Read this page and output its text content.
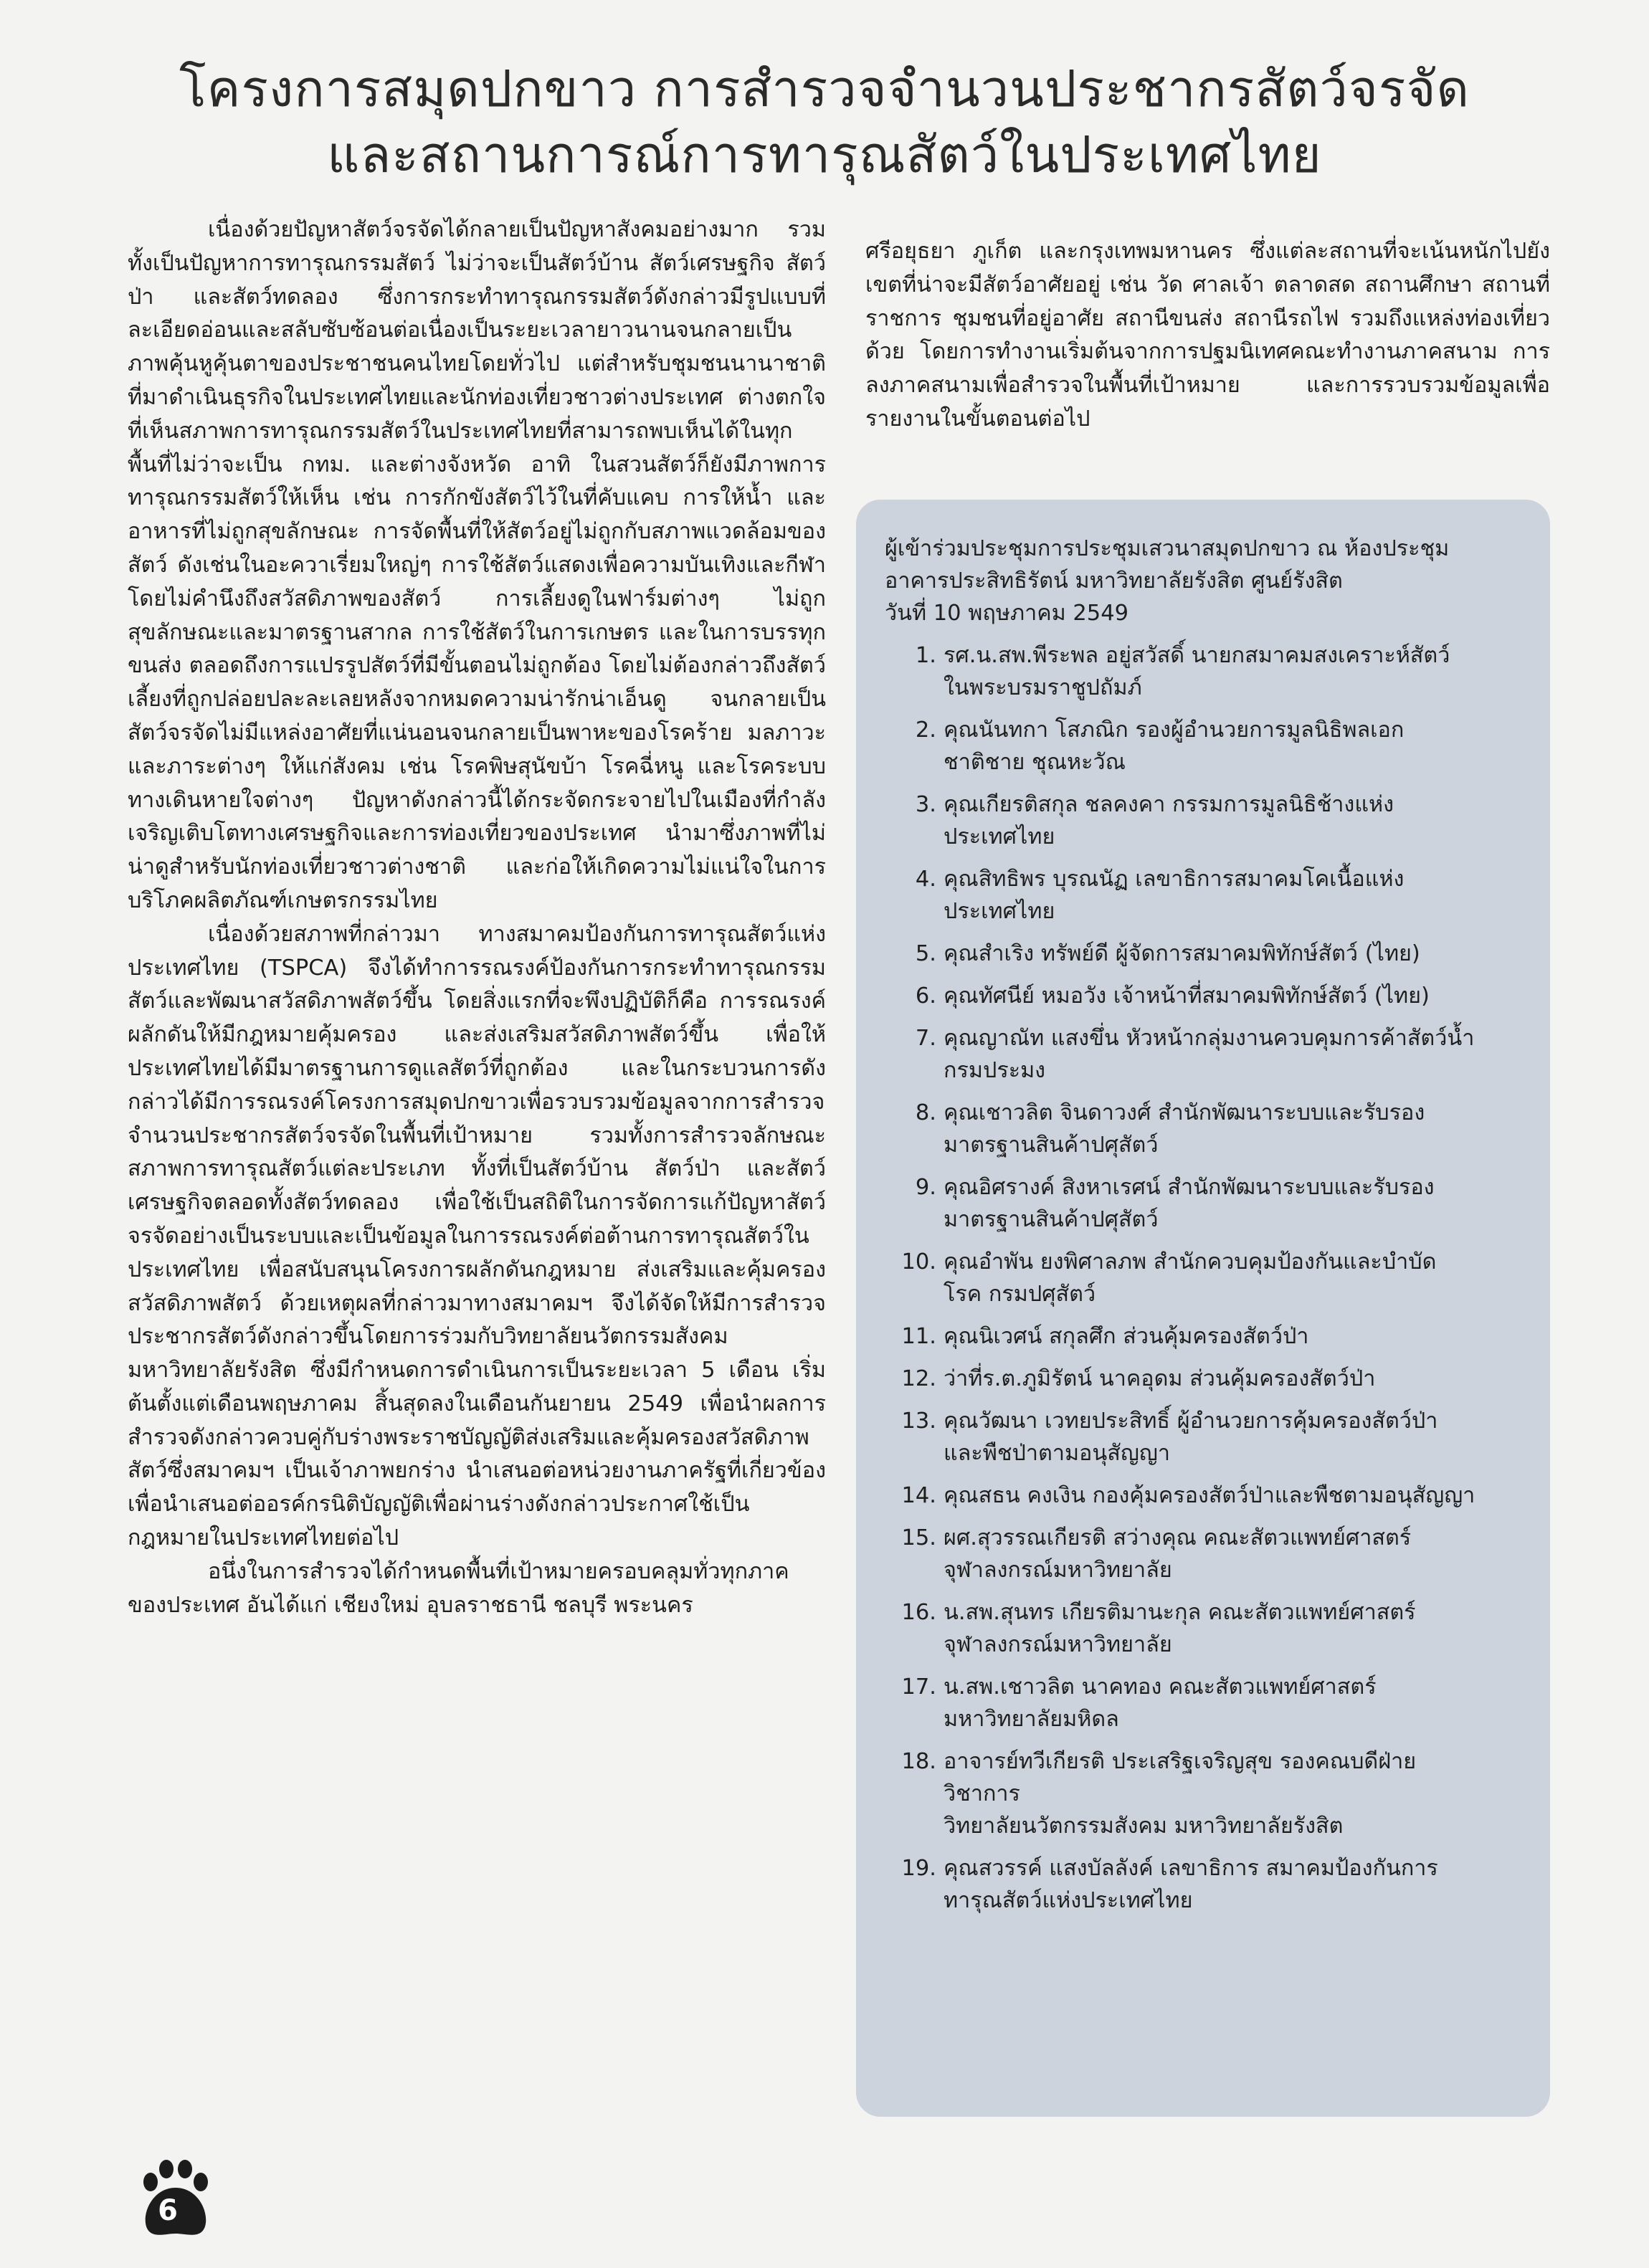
โครงการสมุดปกขาว การสำรวจจำนวนประชากรสัตว์จรจัด
และสถานการณ์การทารุณสัตว์ในประเทศไทย

เนื่องด้วยปัญหาสัตว์จรจัดได้กลายเป็นปัญหาสังคมอย่างมาก รวมทั้งเป็นปัญหาการทารุณกรรมสัตว์ ไม่ว่าจะเป็นสัตว์บ้าน สัตว์เศรษฐกิจ สัตว์ป่า และสัตว์ทดลอง ซึ่งการกระทำทารุณกรรมสัตว์ดังกล่าวมีรูปแบบที่ละเอียดอ่อนและสลับซับซ้อนต่อเนื่องเป็นระยะเวลายาวนานจนกลายเป็นภาพคุ้นหูคุ้นตาของประชาชนคนไทยโดยทั่วไป แต่สำหรับชุมชนนานาชาติที่มาดำเนินธุรกิจในประเทศไทยและนักท่องเที่ยวชาวต่างประเทศ ต่างตกใจที่เห็นสภาพการทารุณกรรมสัตว์ในประเทศไทยที่สามารถพบเห็นได้ในทุกพื้นที่ไม่ว่าจะเป็น กทม. และต่างจังหวัด อาทิ ในสวนสัตว์ก็ยังมีภาพการทารุณกรรมสัตว์ให้เห็น เช่น การกักขังสัตว์ไว้ในที่คับแคบ การให้น้ำ และอาหารที่ไม่ถูกสุขลักษณะ การจัดพื้นที่ให้สัตว์อยู่ไม่ถูกกับสภาพแวดล้อมของสัตว์ ดังเช่นในอะควาเรี่ยมใหญ่ๆ การใช้สัตว์แสดงเพื่อความบันเทิงและกีฬา โดยไม่คำนึงถึงสวัสดิภาพของสัตว์ การเลี้ยงดูในฟาร์มต่างๆ ไม่ถูกสุขลักษณะและมาตรฐานสากล การใช้สัตว์ในการเกษตร และในการบรรทุกขนส่ง ตลอดถึงการแปรรูปสัตว์ที่มีขั้นตอนไม่ถูกต้อง โดยไม่ต้องกล่าวถึงสัตว์เลี้ยงที่ถูกปล่อยปละละเลยหลังจากหมดความน่ารักน่าเอ็นดู จนกลายเป็นสัตว์จรจัดไม่มีแหล่งอาศัยที่แน่นอนจนกลายเป็นพาหะของโรคร้าย มลภาวะและภาระต่างๆ ให้แก่สังคม เช่น โรคพิษสุนัขบ้า โรคฉี่หนู และโรคระบบทางเดินหายใจต่างๆ ปัญหาดังกล่าวนี้ได้กระจัดกระจายไปในเมืองที่กำลังเจริญเติบโตทางเศรษฐกิจและการท่องเที่ยวของประเทศ นำมาซึ่งภาพที่ไม่น่าดูสำหรับนักท่องเที่ยวชาวต่างชาติ และก่อให้เกิดความไม่แน่ใจในการบริโภคผลิตภัณฑ์เกษตรกรรมไทย

เนื่องด้วยสภาพที่กล่าวมา ทางสมาคมป้องกันการทารุณสัตว์แห่งประเทศไทย (TSPCA) จึงได้ทำการรณรงค์ป้องกันการกระทำทารุณกรรมสัตว์และพัฒนาสวัสดิภาพสัตว์ขึ้น โดยสิ่งแรกที่จะพึงปฏิบัติก็คือ การรณรงค์ผลักดันให้มีกฎหมายคุ้มครอง และส่งเสริมสวัสดิภาพสัตว์ขึ้น เพื่อให้ประเทศไทยได้มีมาตรฐานการดูแลสัตว์ที่ถูกต้อง และในกระบวนการดังกล่าวได้มีการรณรงค์โครงการสมุดปกขาวเพื่อรวบรวมข้อมูลจากการสำรวจจำนวนประชากรสัตว์จรจัดในพื้นที่เป้าหมาย รวมทั้งการสำรวจลักษณะสภาพการทารุณสัตว์แต่ละประเภท ทั้งที่เป็นสัตว์บ้าน สัตว์ป่า และสัตว์เศรษฐกิจตลอดทั้งสัตว์ทดลอง เพื่อใช้เป็นสถิติในการจัดการแก้ปัญหาสัตว์จรจัดอย่างเป็นระบบและเป็นข้อมูลในการรณรงค์ต่อต้านการทารุณสัตว์ในประเทศไทย เพื่อสนับสนุนโครงการผลักดันกฎหมาย ส่งเสริมและคุ้มครองสวัสดิภาพสัตว์ ด้วยเหตุผลที่กล่าวมาทางสมาคมฯ จึงได้จัดให้มีการสำรวจประชากรสัตว์ดังกล่าวขึ้นโดยการร่วมกับวิทยาลัยนวัตกรรมสังคม มหาวิทยาลัยรังสิต ซึ่งมีกำหนดการดำเนินการเป็นระยะเวลา 5 เดือน เริ่มต้นตั้งแต่เดือนพฤษภาคม สิ้นสุดลงในเดือนกันยายน 2549 เพื่อนำผลการสำรวจดังกล่าวควบคู่กับร่างพระราชบัญญัติส่งเสริมและคุ้มครองสวัสดิภาพสัตว์ซึ่งสมาคมฯ เป็นเจ้าภาพยกร่าง นำเสนอต่อหน่วยงานภาครัฐที่เกี่ยวข้อง เพื่อนำเสนอต่ออรค์กรนิติบัญญัติเพื่อผ่านร่างดังกล่าวประกาศใช้เป็นกฎหมายในประเทศไทยต่อไป

อนึ่งในการสำรวจได้กำหนดพื้นที่เป้าหมายครอบคลุมทั่วทุกภาคของประเทศ อันได้แก่ เชียงใหม่ อุบลราชธานี ชลบุรี พระนคร

ศรีอยุธยา ภูเก็ต และกรุงเทพมหานคร ซึ่งแต่ละสถานที่จะเน้นหนักไปยังเขตที่น่าจะมีสัตว์อาศัยอยู่ เช่น วัด ศาลเจ้า ตลาดสด สถานศึกษา สถานที่ราชการ ชุมชนที่อยู่อาศัย สถานีขนส่ง สถานีรถไฟ รวมถึงแหล่งท่องเที่ยวด้วย โดยการทำงานเริ่มต้นจากการปฐมนิเทศคณะทำงานภาคสนาม การลงภาคสนามเพื่อสำรวจในพื้นที่เป้าหมาย และการรวบรวมข้อมูลเพื่อรายงานในขั้นตอนต่อไป

ผู้เข้าร่วมประชุมการประชุมเสวนาสมุดปกขาว ณ ห้องประชุม
อาคารประสิทธิรัตน์ มหาวิทยาลัยรังสิต ศูนย์รังสิต
วันที่ 10 พฤษภาคม 2549
1. รศ.น.สพ.พีระพล อยู่สวัสดิ์ นายกสมาคมสงเคราะห์สัตว์
ในพระบรมราชูปถัมภ์
2. คุณนันทกา โสภณิก รองผู้อำนวยการมูลนิธิพลเอก
ชาติชาย ชุณหะวัณ
3. คุณเกียรติสกุล ชลคงคา กรรมการมูลนิธิช้างแห่ง
ประเทศไทย
4. คุณสิทธิพร บุรณนัฏ เลขาธิการสมาคมโคเนื้อแห่ง
ประเทศไทย
5. คุณสำเริง ทรัพย์ดี ผู้จัดการสมาคมพิทักษ์สัตว์ (ไทย)
6. คุณทัศนีย์ หมอวัง เจ้าหน้าที่สมาคมพิทักษ์สัตว์ (ไทย)
7. คุณญาณัท แสงขึ่น หัวหน้ากลุ่มงานควบคุมการค้าสัตว์น้ำ
กรมประมง
8. คุณเชาวลิต จินดาวงศ์ สำนักพัฒนาระบบและรับรอง
มาตรฐานสินค้าปศุสัตว์
9. คุณอิศรางค์ สิงหาเรศน์ สำนักพัฒนาระบบและรับรอง
มาตรฐานสินค้าปศุสัตว์
10. คุณอำพัน ยงพิศาลภพ สำนักควบคุมป้องกันและบำบัด
โรค กรมปศุสัตว์
11. คุณนิเวศน์ สกุลศึก ส่วนคุ้มครองสัตว์ป่า
12. ว่าที่ร.ต.ภูมิรัตน์ นาคอุดม ส่วนคุ้มครองสัตว์ป่า
13. คุณวัฒนา เวทยประสิทธิ์ ผู้อำนวยการคุ้มครองสัตว์ป่า
และพืชป่าตามอนุสัญญา
14. คุณสธน คงเงิน กองคุ้มครองสัตว์ป่าและพืชตามอนุสัญญา
15. ผศ.สุวรรณเกียรติ สว่างคุณ คณะสัตวแพทย์ศาสตร์
จุฬาลงกรณ์มหาวิทยาลัย
16. น.สพ.สุนทร เกียรติมานะกุล คณะสัตวแพทย์ศาสตร์
จุฬาลงกรณ์มหาวิทยาลัย
17. น.สพ.เชาวลิต นาคทอง คณะสัตวแพทย์ศาสตร์
มหาวิทยาลัยมหิดล
18. อาจารย์ทวีเกียรติ ประเสริฐเจริญสุข รองคณบดีฝ่าย
วิชาการ
วิทยาลัยนวัตกรรมสังคม มหาวิทยาลัยรังสิต
19. คุณสวรรค์ แสงบัลลังค์ เลขาธิการ สมาคมป้องกันการ
ทารุณสัตว์แห่งประเทศไทย
6
